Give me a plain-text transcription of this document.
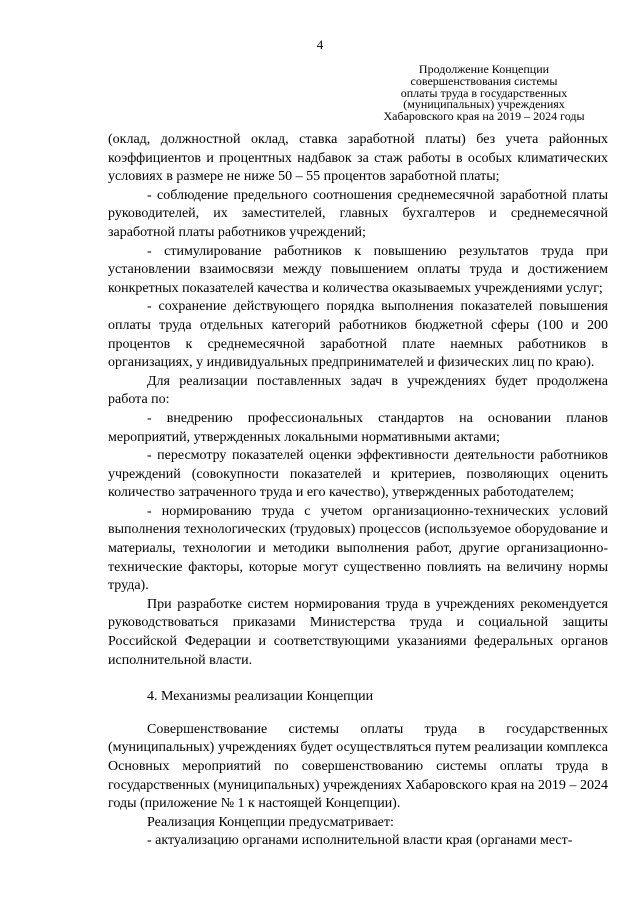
4
Продолжение Концепции
совершенствования системы
оплаты труда в государственных
(муниципальных) учреждениях
Хабаровского края на 2019 – 2024 годы

(оклад, должностной оклад, ставка заработной платы) без учета районных коэффициентов и процентных надбавок за стаж работы в особых климатических условиях в размере не ниже 50 – 55 процентов заработной платы;

- соблюдение предельного соотношения среднемесячной заработной платы руководителей, их заместителей, главных бухгалтеров и среднемесячной заработной платы работников учреждений;

- стимулирование работников к повышению результатов труда при установлении взаимосвязи между повышением оплаты труда и достижением конкретных показателей качества и количества оказываемых учреждениями услуг;

- сохранение действующего порядка выполнения показателей повышения оплаты труда отдельных категорий работников бюджетной сферы (100 и 200 процентов к среднемесячной заработной плате наемных работников в организациях, у индивидуальных предпринимателей и физических лиц по краю).

Для реализации поставленных задач в учреждениях будет продолжена работа по:

- внедрению профессиональных стандартов на основании планов мероприятий, утвержденных локальными нормативными актами;

- пересмотру показателей оценки эффективности деятельности работников учреждений (совокупности показателей и критериев, позволяющих оценить количество затраченного труда и его качество), утвержденных работодателем;

- нормированию труда с учетом организационно-технических условий выполнения технологических (трудовых) процессов (используемое оборудование и материалы, технологии и методики выполнения работ, другие организационно-технические факторы, которые могут существенно повлиять на величину нормы труда).

При разработке систем нормирования труда в учреждениях рекомендуется руководствоваться приказами Министерства труда и социальной защиты Российской Федерации и соответствующими указаниями федеральных органов исполнительной власти.

4. Механизмы реализации Концепции

Совершенствование системы оплаты труда в государственных (муниципальных) учреждениях будет осуществляться путем реализации комплекса Основных мероприятий по совершенствованию системы оплаты труда в государственных (муниципальных) учреждениях Хабаровского края на 2019 – 2024 годы (приложение № 1 к настоящей Концепции).

Реализация Концепции предусматривает:

- актуализацию органами исполнительной власти края (органами мест-
